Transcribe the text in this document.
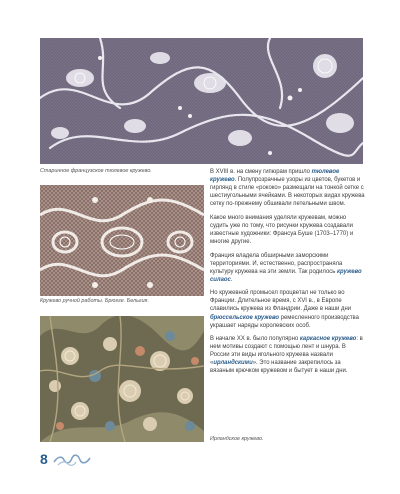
Старинное французское тюлевое кружево.
Кружево ручной работы. Брюгге. Бельгия.

В XVIII в. на смену гипюрам пришло тюлевое кружево. Полупрозрачные узоры из цветов, букетов и гирлянд в стиле «рококо» размещали на тонкой сетке с шестиугольными ячейками. В некоторых видах кружева сетку по-прежнему обшивали петельными швом.

Какое много внимания уделяли кружевам, можно судить уже по тому, что рисунки кружева создавали известные художники: Франсуа Буше (1703–1770) и многие другие.

Франция владела обширными заморскими территориями. И, естественно, распространяла культуру кружева на эти земли. Так родилось кружево силаос.

Но кружевной промысел процветал не только во Франции. Длительное время, с XVI в., в Европе славились кружева из Фландрии. Даже в наши дни брюссельское кружево ремесленного производства украшает наряды королевских особ.

В начале XX в. было популярно каркасное кружево: в нем мотивы создают с помощью лент и шнура. В России эти виды игольного кружева назвали «ирландскими». Это название закрепилось за вязаным крючком кружевом и бытует в наши дни.

Ирландское кружево.
8
